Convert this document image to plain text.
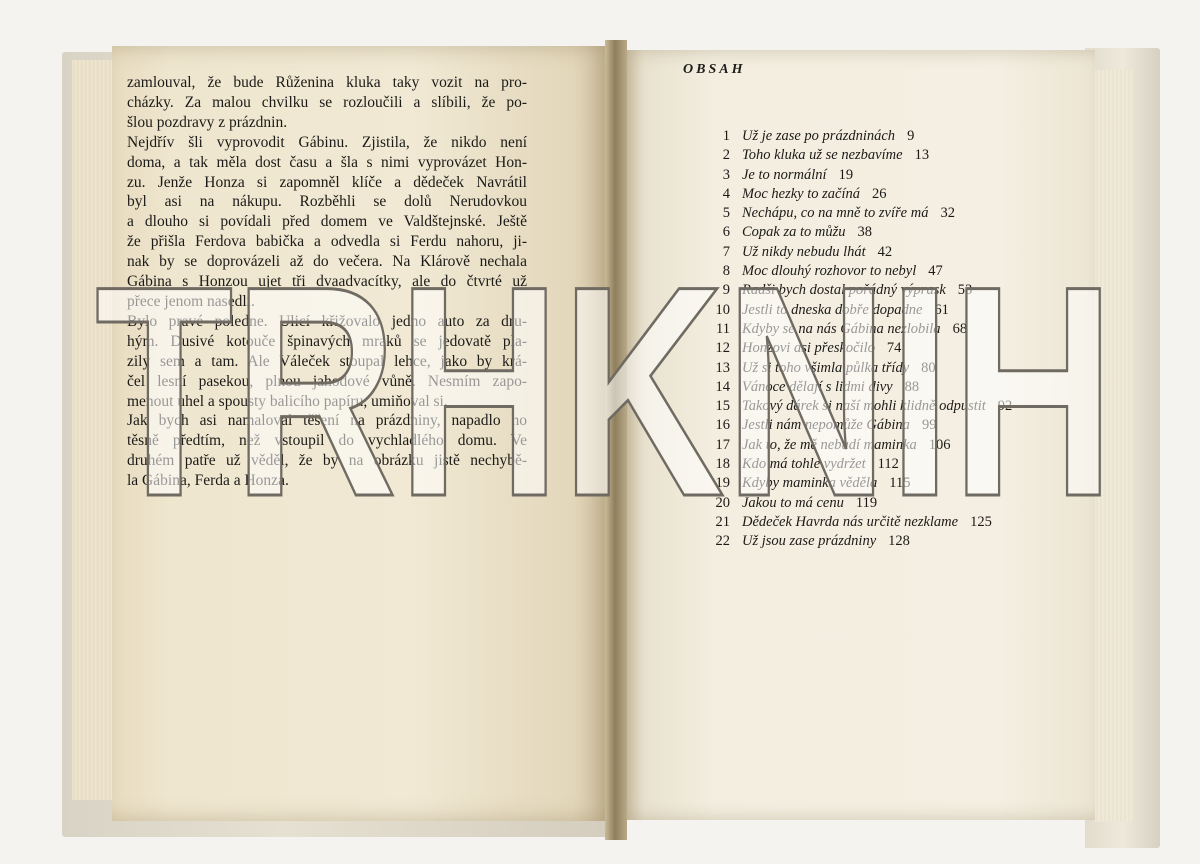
zamlouval, že bude Růženina kluka taky vozit na pro-
cházky. Za malou chvilku se rozloučili a slíbili, že po-
šlou pozdravy z prázdnin.
Nejdřív šli vyprovodit Gábinu. Zjistila, že nikdo není
doma, a tak měla dost času a šla s nimi vyprovázet Hon-
zu. Jenže Honza si zapomněl klíče a dědeček Navrátil
byl asi na nákupu. Rozběhli se dolů Nerudovkou
a dlouho si povídali před domem ve Valdštejnské. Ještě
že přišla Ferdova babička a odvedla si Ferdu nahoru, ji-
nak by se doprovázeli až do večera. Na Klárově nechala
Gábina s Honzou ujet tři dvaadvacítky, ale do čtvrté už
přece jenom nasedli.
Bylo pravé poledne. Ulicí křižovalo jedno auto za dru-
hým. Dusivé kotouče špinavých mraků se jedovatě pla-
zily sem a tam. Ale Váleček stoupal lehce, jako by krá-
čel lesní pasekou, plnou jahodové vůně. Nesmím zapo-
menout uhel a spousty balicího papíru, umiňoval si.
Jak bych asi namaloval těšení na prázdniny, napadlo ho
těsně předtím, než vstoupil do vychladlého domu. Ve
druhém patře už věděl, že by na obrázku jistě nechybě-
la Gábina, Ferda a Honza.
OBSAH
1 Už je zase po prázdninách 9
2 Toho kluka už se nezbavíme 13
3 Je to normální 19
4 Moc hezky to začíná 26
5 Nechápu, co na mně to zvíře má 32
6 Copak za to můžu 38
7 Už nikdy nebudu lhát 42
8 Moc dlouhý rozhovor to nebyl 47
9 Radši bych dostal pořádný výprask 53
10 Jestli to dneska dobře dopadne 61
11 Kdyby se na nás Gábina nezlobila 68
12 Honzovi asi přeskočilo 74
13 Už si toho všimla půlka třídy 80
14 Vánoce dělají s lidmi divy 88
15 Takový dárek si naší mohli klidně odpustit 92
16 Jestli nám nepomůže Gábina 99
17 Jak to, že mě nebudí maminka 106
18 Kdo má tohle vydržet 112
19 Kdyby maminka věděla 115
20 Jakou to má cenu 119
21 Dědeček Havrda nás určitě nezklame 125
22 Už jsou zase prázdniny 128
TRHKNIH
